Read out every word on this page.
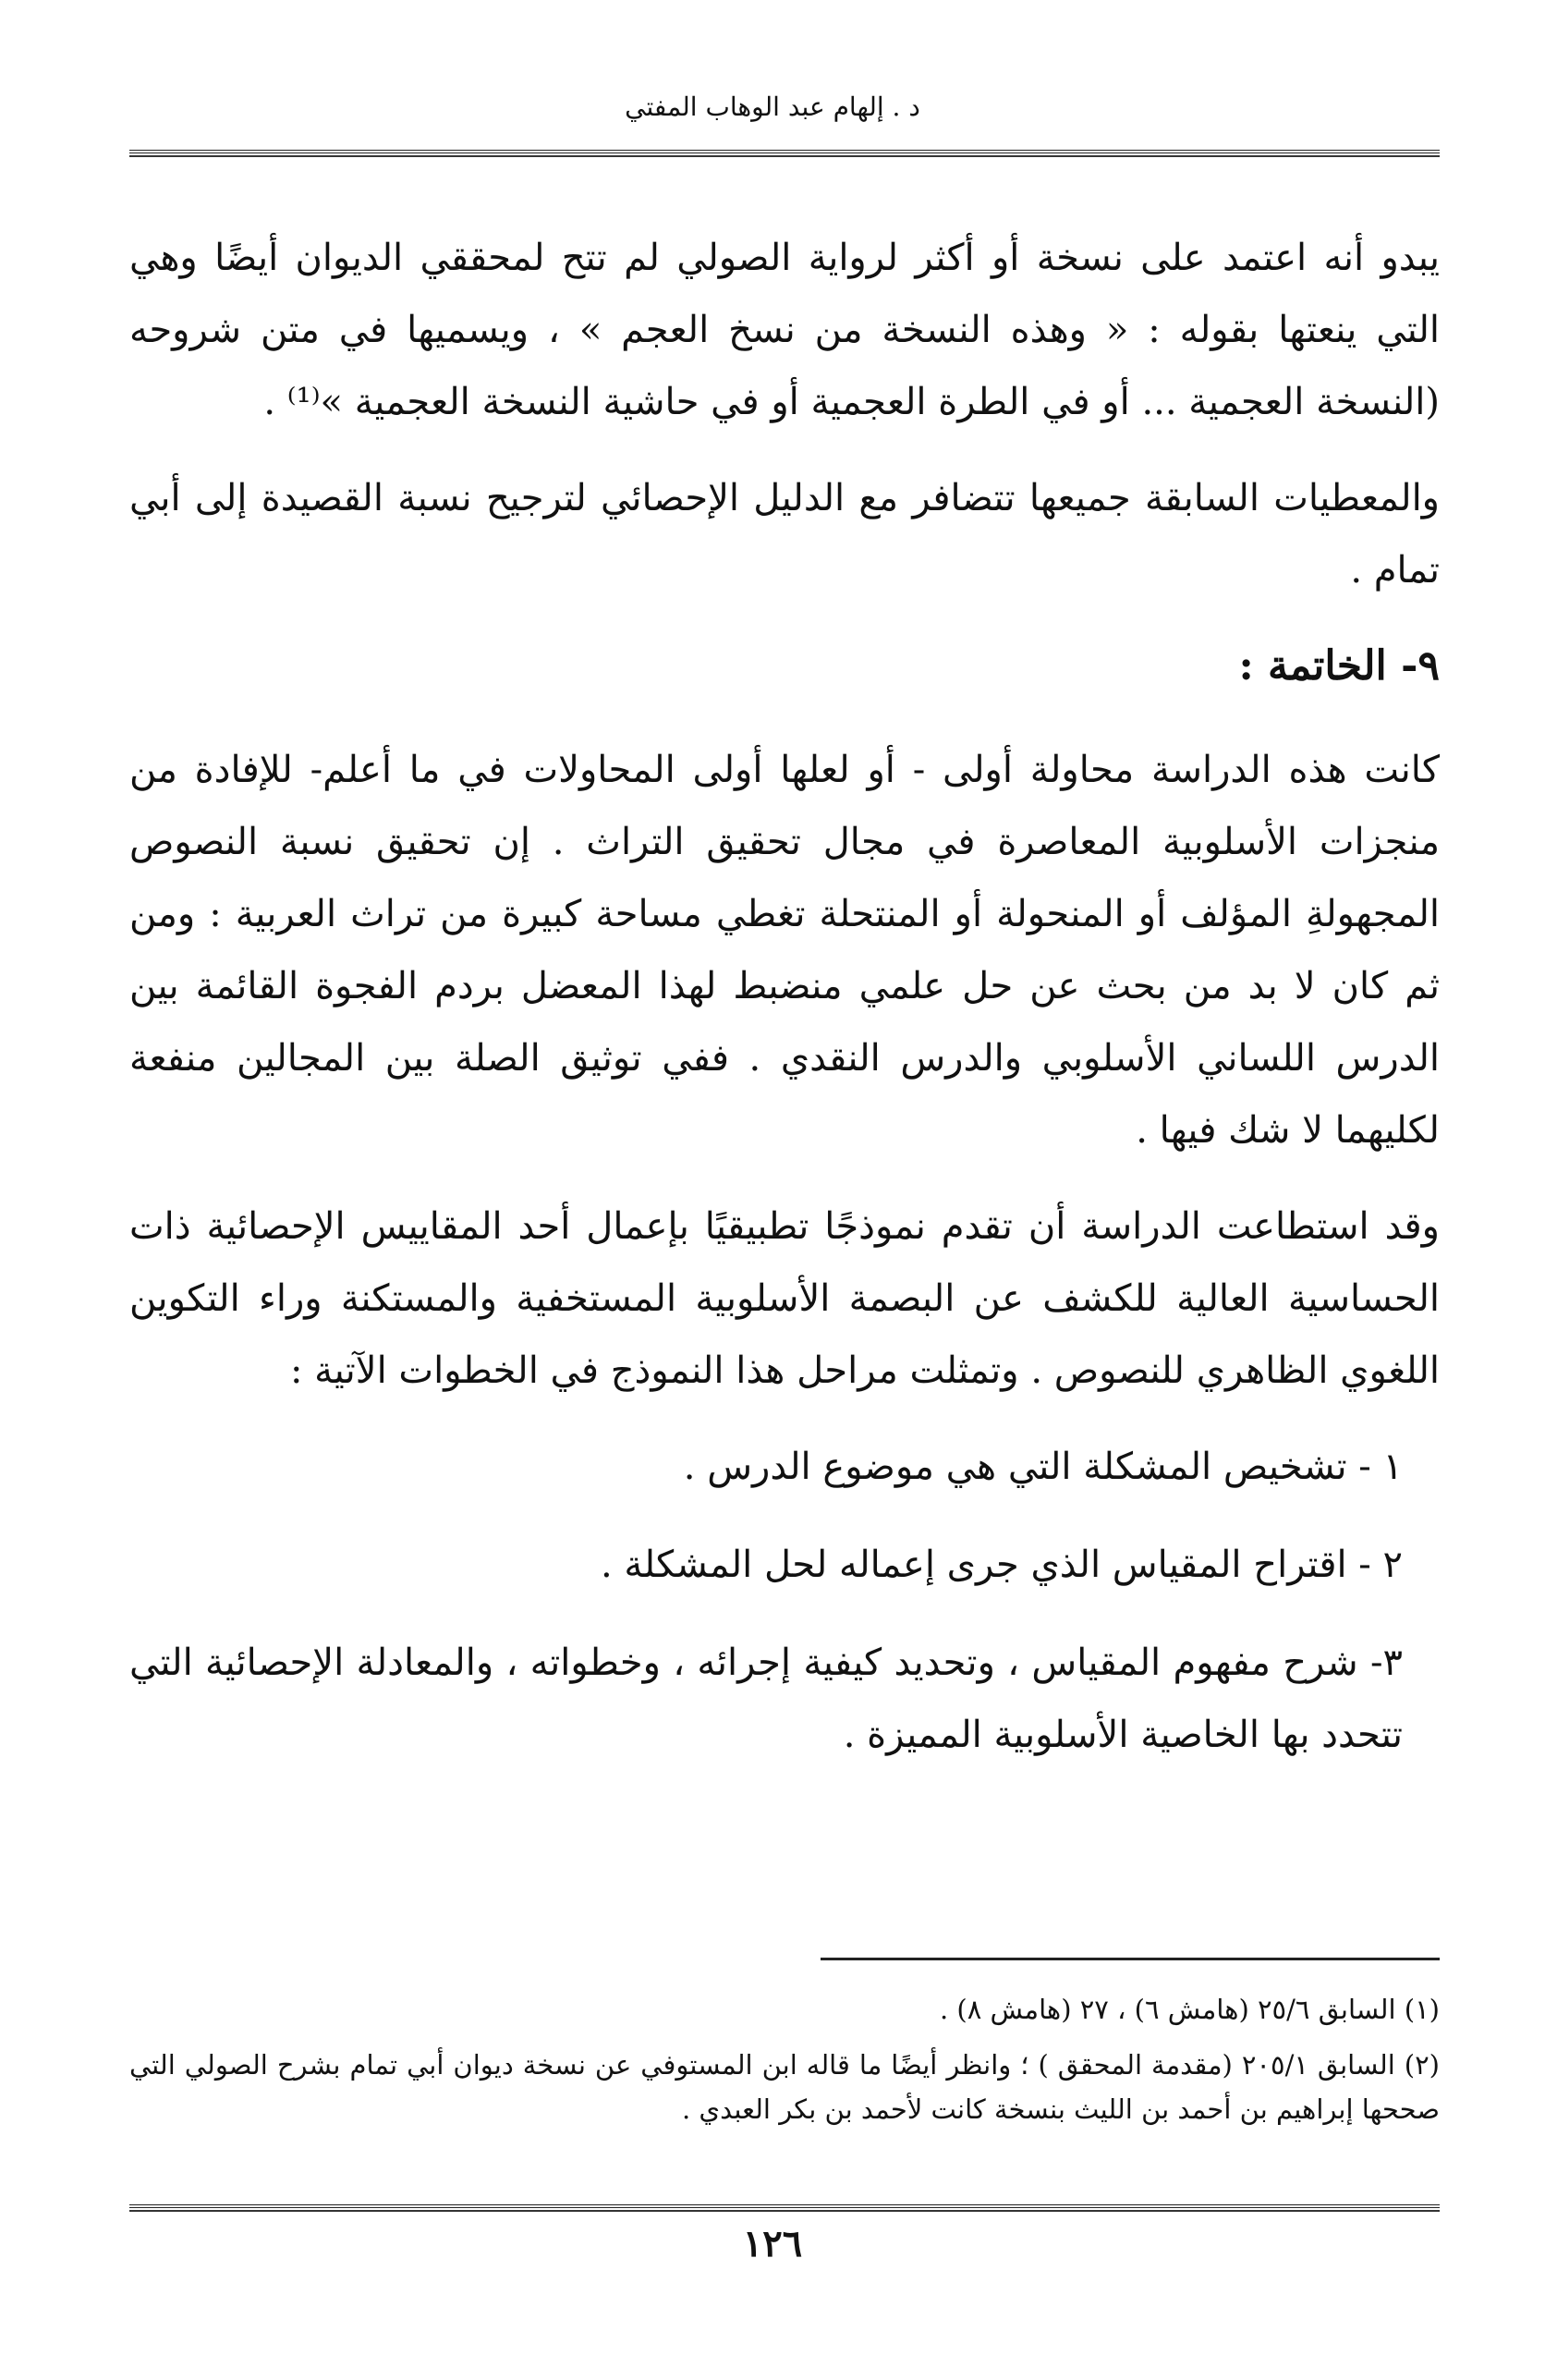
د . إلهام عبد الوهاب المفتي

يبدو أنه اعتمد على نسخة أو أكثر لرواية الصولي لم تتح لمحققي الديوان أيضًا وهي التي ينعتها بقوله : « وهذه النسخة من نسخ العجم » ، ويسميها في متن شروحه (النسخة العجمية ... أو في الطرة العجمية أو في حاشية النسخة العجمية »⁽¹⁾ .

والمعطيات السابقة جميعها تتضافر مع الدليل الإحصائي لترجيح نسبة القصيدة إلى أبي تمام .

٩- الخاتمة :

كانت هذه الدراسة محاولة أولى - أو لعلها أولى المحاولات في ما أعلم- للإفادة من منجزات الأسلوبية المعاصرة في مجال تحقيق التراث . إن تحقيق نسبة النصوص المجهولةِ المؤلف أو المنحولة أو المنتحلة تغطي مساحة كبيرة من تراث العربية : ومن ثم كان لا بد من بحث عن حل علمي منضبط لهذا المعضل بردم الفجوة القائمة بين الدرس اللساني الأسلوبي والدرس النقدي . ففي توثيق الصلة بين المجالين منفعة لكليهما لا شك فيها .

وقد استطاعت الدراسة أن تقدم نموذجًا تطبيقيًا بإعمال أحد المقاييس الإحصائية ذات الحساسية العالية للكشف عن البصمة الأسلوبية المستخفية والمستكنة وراء التكوين اللغوي الظاهري للنصوص . وتمثلت مراحل هذا النموذج في الخطوات الآتية :

١ - تشخيص المشكلة التي هي موضوع الدرس .
٢ - اقتراح المقياس الذي جرى إعماله لحل المشكلة .
٣- شرح مفهوم المقياس ، وتحديد كيفية إجرائه ، وخطواته ، والمعادلة الإحصائية التي تتحدد بها الخاصية الأسلوبية المميزة .

(١) السابق ٢٥/٦ (هامش ٦) ، ٢٧ (هامش ٨) .

(٢) السابق ٢٠٥/١ (مقدمة المحقق ) ؛ وانظر أيضًا ما قاله ابن المستوفي عن نسخة ديوان أبي تمام بشرح الصولي التي صححها إبراهيم بن أحمد بن الليث بنسخة كانت لأحمد بن بكر العبدي .

١٢٦
